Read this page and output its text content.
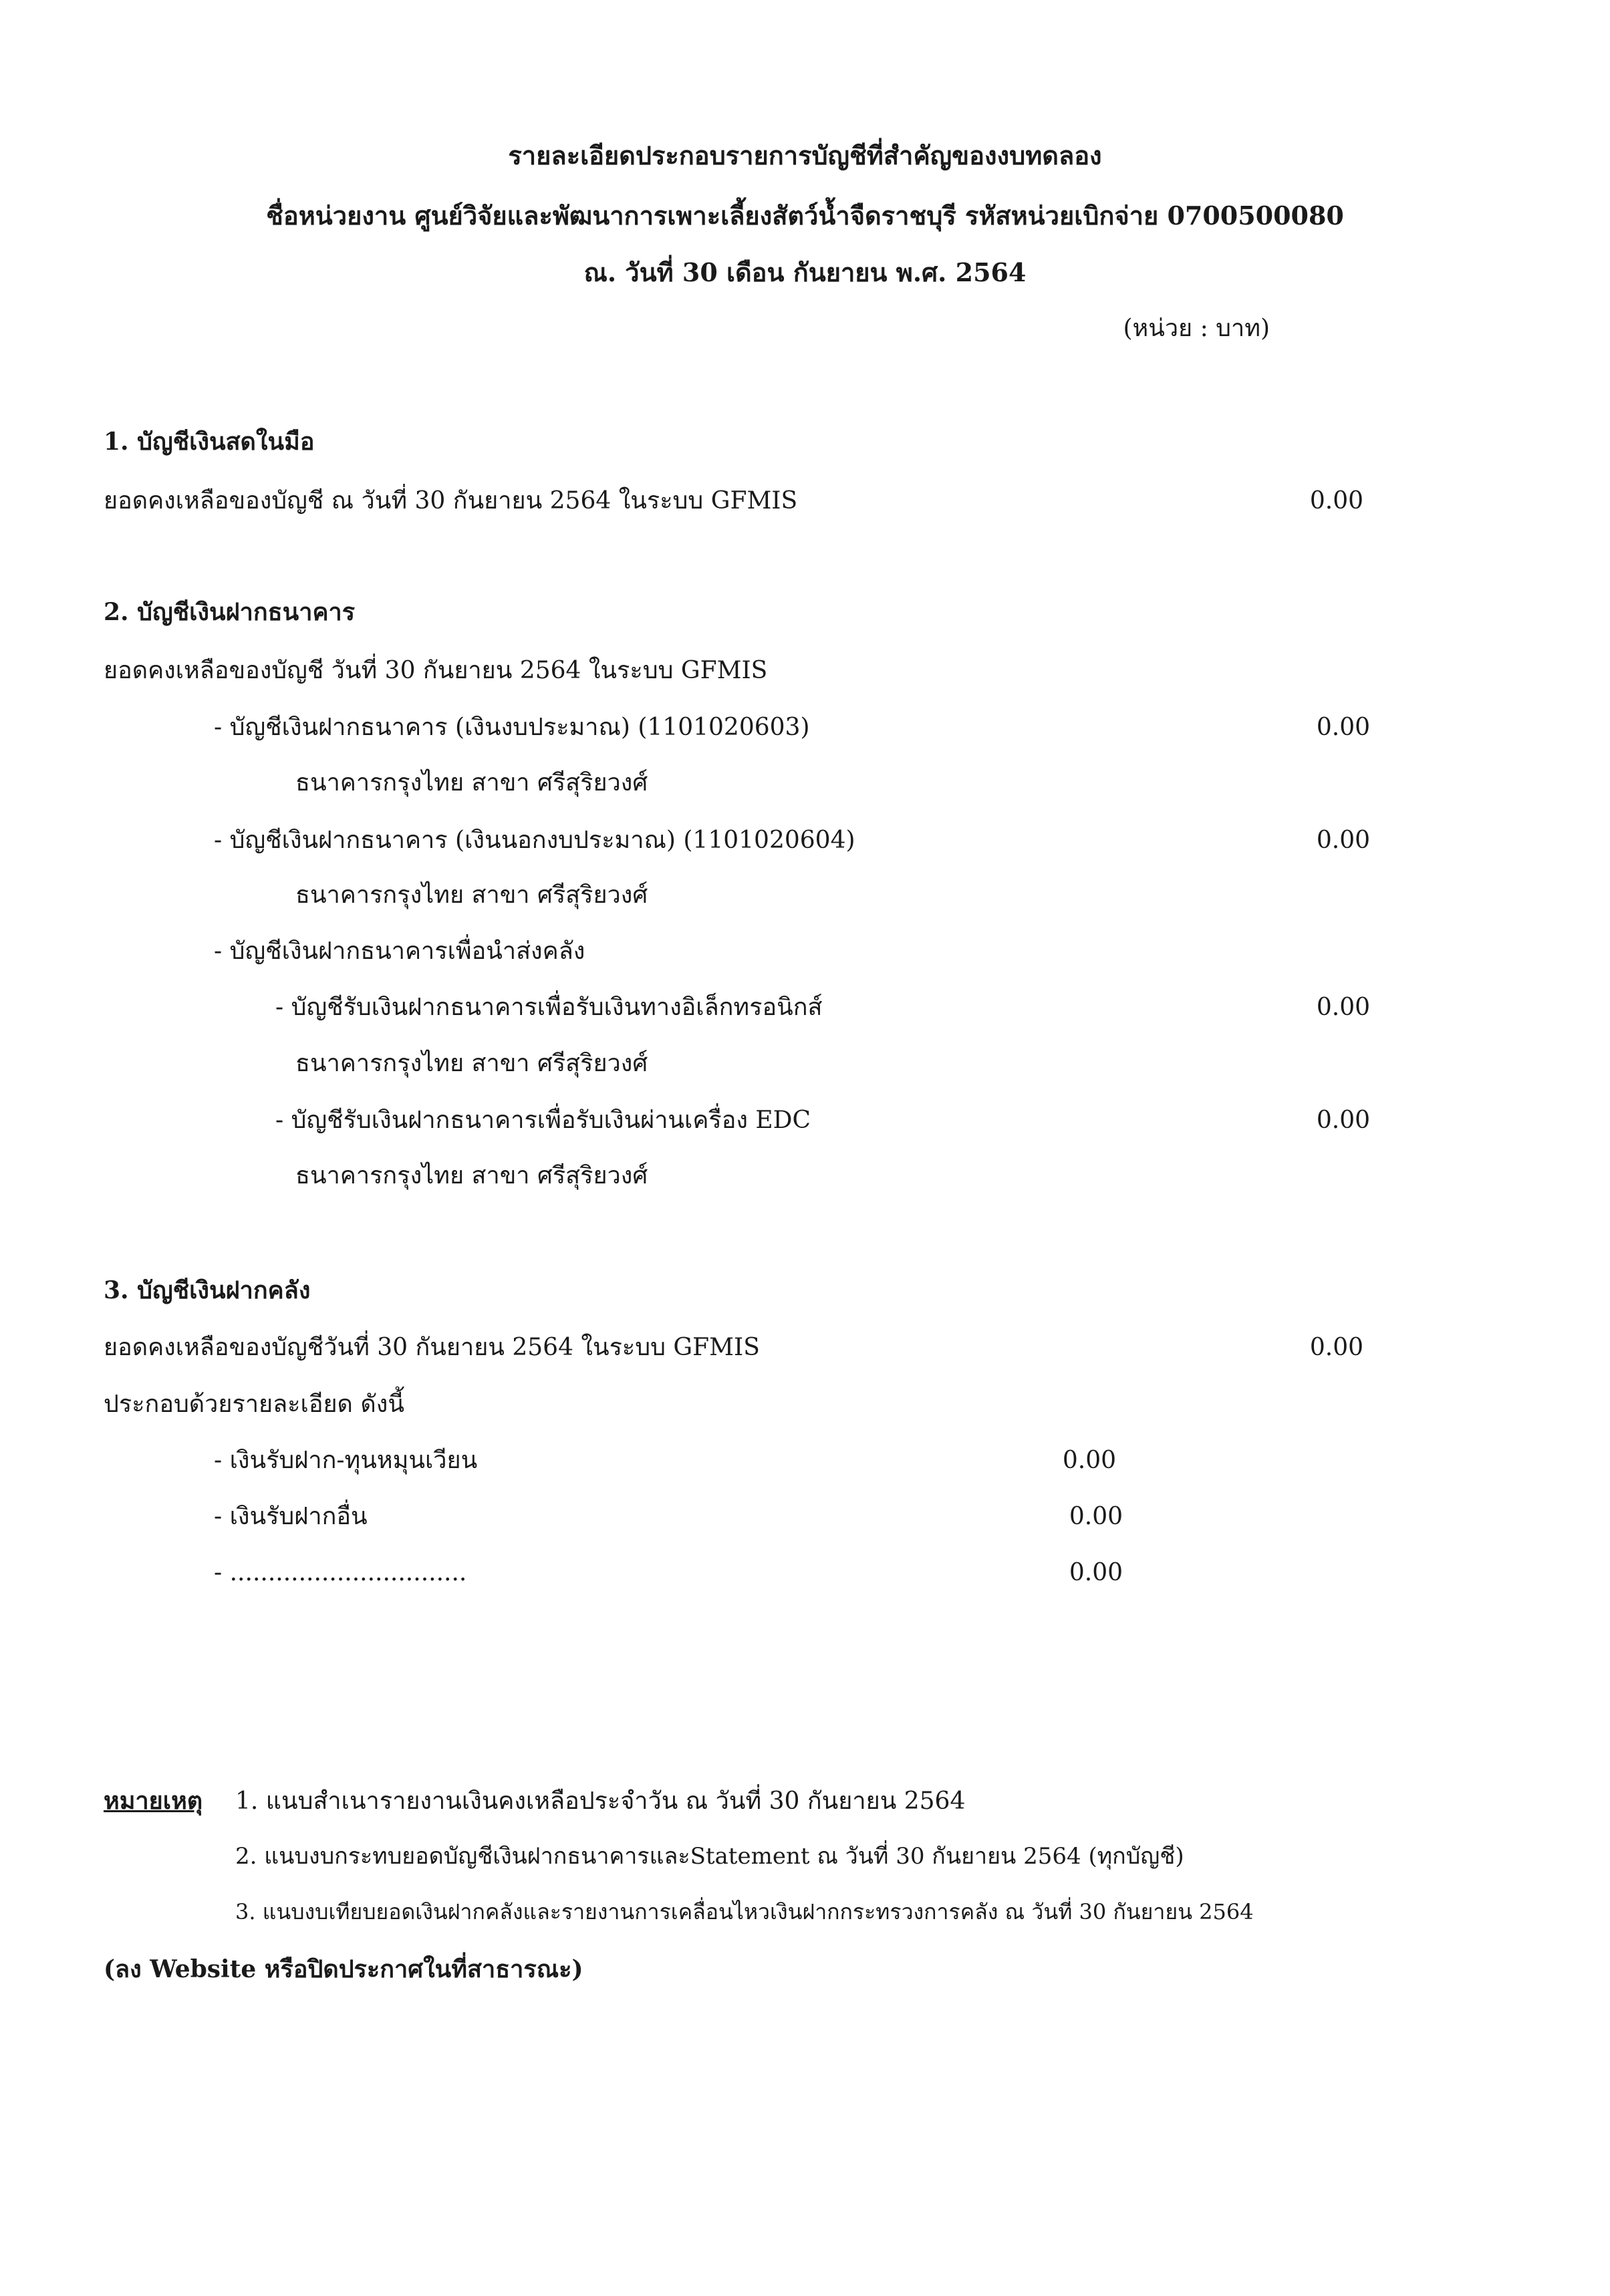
รายละเอียดประกอบรายการบัญชีที่สำคัญของงบทดลอง
ชื่อหน่วยงาน ศูนย์วิจัยและพัฒนาการเพาะเลี้ยงสัตว์น้ำจืดราชบุรี รหัสหน่วยเบิกจ่าย 0700500080
ณ. วันที่ 30 เดือน กันยายน พ.ศ. 2564
(หน่วย : บาท)
1. บัญชีเงินสดในมือ
ยอดคงเหลือของบัญชี ณ วันที่ 30 กันยายน 2564 ในระบบ GFMIS	0.00
2. บัญชีเงินฝากธนาคาร
ยอดคงเหลือของบัญชี วันที่ 30 กันยายน 2564 ในระบบ GFMIS
- บัญชีเงินฝากธนาคาร (เงินงบประมาณ) (1101020603)	0.00
ธนาคารกรุงไทย สาขา ศรีสุริยวงศ์
- บัญชีเงินฝากธนาคาร (เงินนอกงบประมาณ) (1101020604)	0.00
ธนาคารกรุงไทย สาขา ศรีสุริยวงศ์
- บัญชีเงินฝากธนาคารเพื่อนำส่งคลัง
- บัญชีรับเงินฝากธนาคารเพื่อรับเงินทางอิเล็กทรอนิกส์	0.00
ธนาคารกรุงไทย สาขา ศรีสุริยวงศ์
- บัญชีรับเงินฝากธนาคารเพื่อรับเงินผ่านเครื่อง EDC	0.00
ธนาคารกรุงไทย สาขา ศรีสุริยวงศ์
3. บัญชีเงินฝากคลัง
ยอดคงเหลือของบัญชีวันที่ 30 กันยายน 2564 ในระบบ GFMIS	0.00
ประกอบด้วยรายละเอียด ดังนี้
- เงินรับฝาก-ทุนหมุนเวียน	0.00
- เงินรับฝากอื่น	0.00
- ...............................	0.00
หมายเหตุ 1. แนบสำเนารายงานเงินคงเหลือประจำวัน ณ วันที่ 30 กันยายน 2564
2. แนบงบกระทบยอดบัญชีเงินฝากธนาคารและStatement ณ วันที่ 30 กันยายน 2564 (ทุกบัญชี)
3. แนบงบเทียบยอดเงินฝากคลังและรายงานการเคลื่อนไหวเงินฝากกระทรวงการคลัง ณ วันที่ 30 กันยายน 2564
(ลง Website หรือปิดประกาศในที่สาธารณะ)
